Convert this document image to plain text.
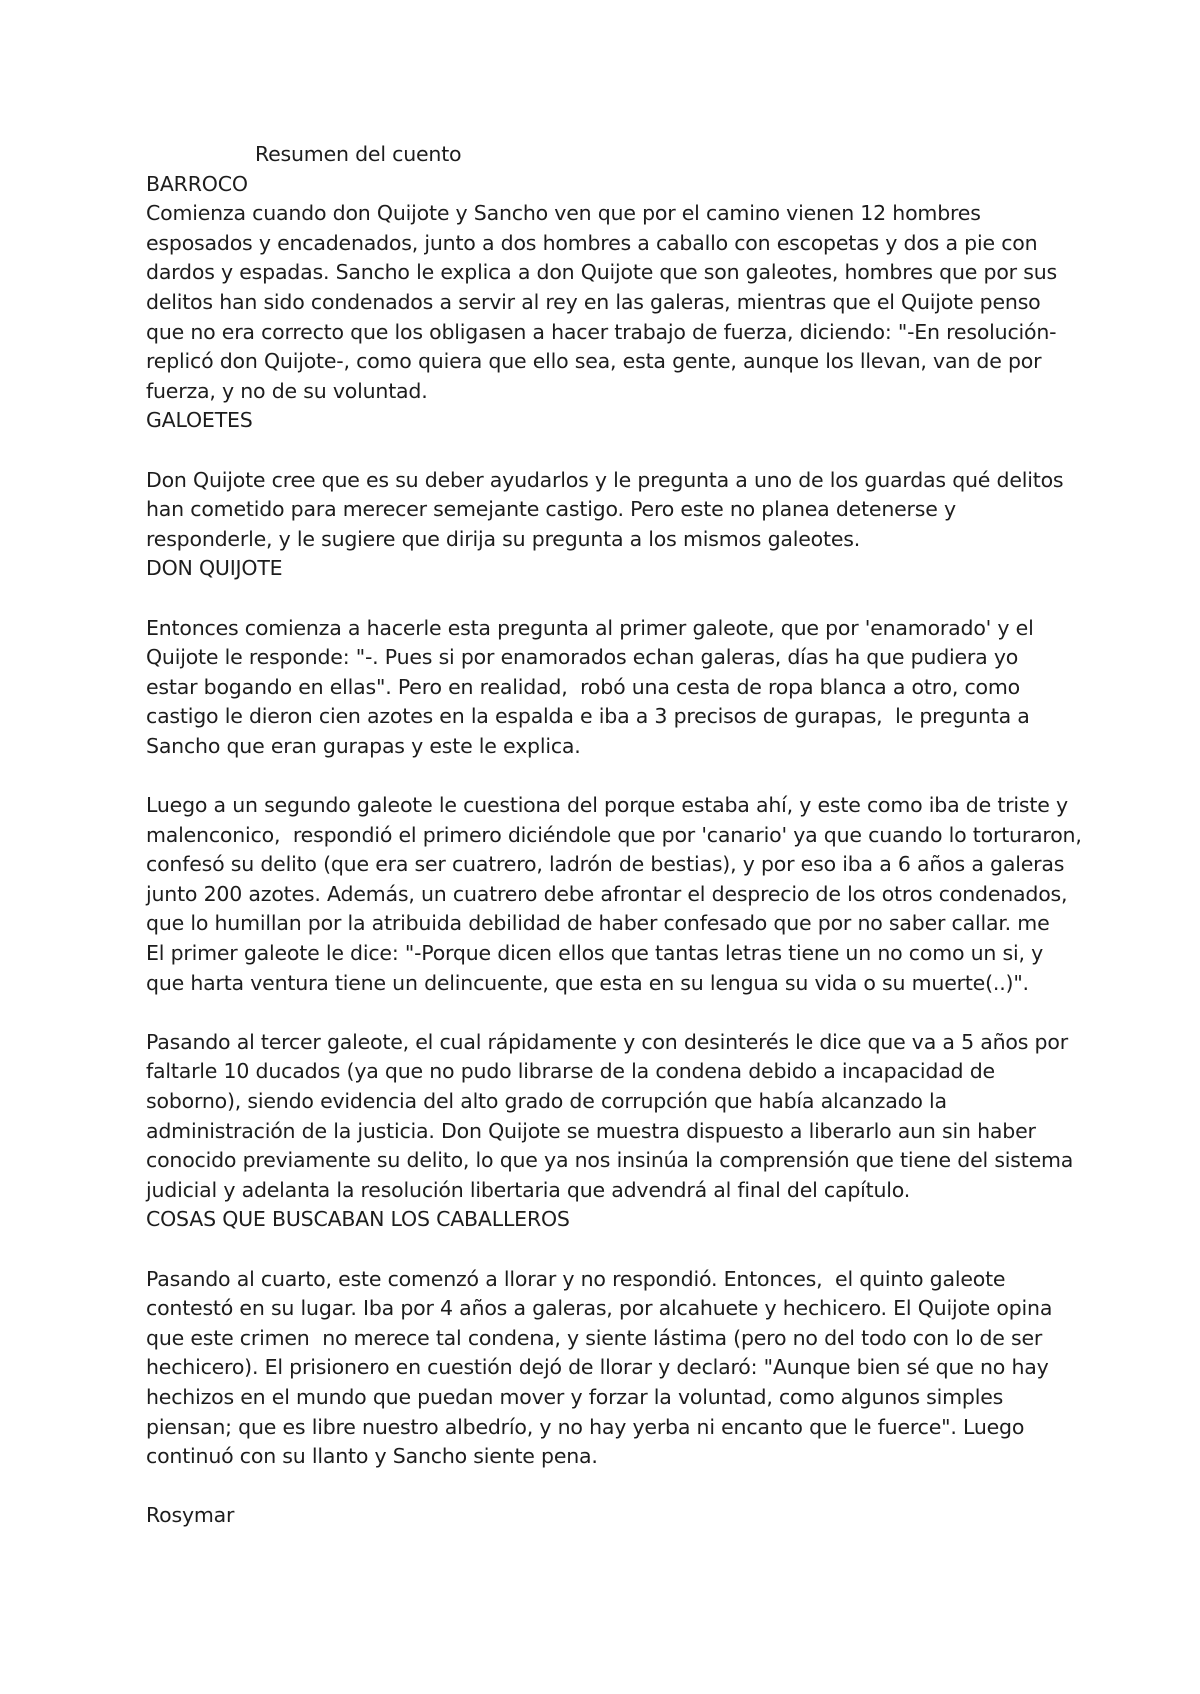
Resumen del cuento
BARROCO
Comienza cuando don Quijote y Sancho ven que por el camino vienen 12 hombres
esposados y encadenados, junto a dos hombres a caballo con escopetas y dos a pie con
dardos y espadas. Sancho le explica a don Quijote que son galeotes, hombres que por sus
delitos han sido condenados a servir al rey en las galeras, mientras que el Quijote penso
que no era correcto que los obligasen a hacer trabajo de fuerza, diciendo: "-En resolución-
replicó don Quijote-, como quiera que ello sea, esta gente, aunque los llevan, van de por
fuerza, y no de su voluntad.
GALOETES
Don Quijote cree que es su deber ayudarlos y le pregunta a uno de los guardas qué delitos
han cometido para merecer semejante castigo. Pero este no planea detenerse y
responderle, y le sugiere que dirija su pregunta a los mismos galeotes.
DON QUIJOTE
Entonces comienza a hacerle esta pregunta al primer galeote, que por 'enamorado' y el
Quijote le responde: "-. Pues si por enamorados echan galeras, días ha que pudiera yo
estar bogando en ellas". Pero en realidad,  robó una cesta de ropa blanca a otro, como
castigo le dieron cien azotes en la espalda e iba a 3 precisos de gurapas,  le pregunta a
Sancho que eran gurapas y este le explica.
Luego a un segundo galeote le cuestiona del porque estaba ahí, y este como iba de triste y
malenconico,  respondió el primero diciéndole que por 'canario' ya que cuando lo torturaron,
confesó su delito (que era ser cuatrero, ladrón de bestias), y por eso iba a 6 años a galeras
junto 200 azotes. Además, un cuatrero debe afrontar el desprecio de los otros condenados,
que lo humillan por la atribuida debilidad de haber confesado que por no saber callar. me
El primer galeote le dice: "-Porque dicen ellos que tantas letras tiene un no como un si, y
que harta ventura tiene un delincuente, que esta en su lengua su vida o su muerte(..)".
Pasando al tercer galeote, el cual rápidamente y con desinterés le dice que va a 5 años por
faltarle 10 ducados (ya que no pudo librarse de la condena debido a incapacidad de
soborno), siendo evidencia del alto grado de corrupción que había alcanzado la
administración de la justicia. Don Quijote se muestra dispuesto a liberarlo aun sin haber
conocido previamente su delito, lo que ya nos insinúa la comprensión que tiene del sistema
judicial y adelanta la resolución libertaria que advendrá al final del capítulo.
COSAS QUE BUSCABAN LOS CABALLEROS
Pasando al cuarto, este comenzó a llorar y no respondió. Entonces,  el quinto galeote
contestó en su lugar. Iba por 4 años a galeras, por alcahuete y hechicero. El Quijote opina
que este crimen  no merece tal condena, y siente lástima (pero no del todo con lo de ser
hechicero). El prisionero en cuestión dejó de llorar y declaró: "Aunque bien sé que no hay
hechizos en el mundo que puedan mover y forzar la voluntad, como algunos simples
piensan; que es libre nuestro albedrío, y no hay yerba ni encanto que le fuerce". Luego
continuó con su llanto y Sancho siente pena.
Rosymar
